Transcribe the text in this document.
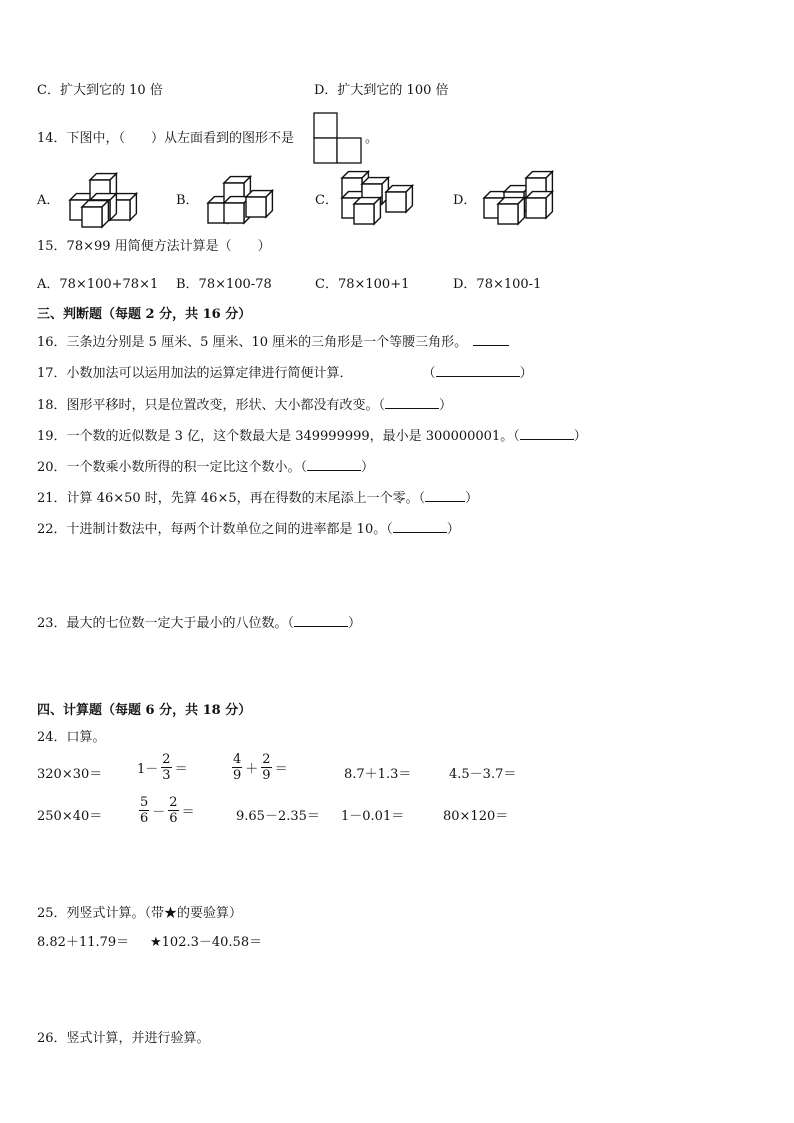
C．扩大到它的 10 倍	D．扩大到它的 100 倍
14．下图中，（　　）从左面看到的图形不是	。
A．	B．	C．	D．
15．78×99 用简便方法计算是（　　）
A．78×100+78×1 B．78×100-78	C．78×100+1	D．78×100-1
三、判断题（每题 2 分，共 16 分）
16．三条边分别是 5 厘米、5 厘米、10 厘米的三角形是一个等腰三角形。
17．小数加法可以运用加法的运算定律进行简便计算．	（	）
18．图形平移时，只是位置改变，形状、大小都没有改变。（	）
19．一个数的近似数是 3 亿，这个数最大是 349999999，最小是 300000001。（	）
20．一个数乘小数所得的积一定比这个数小。（	）
21．计算 46×50 时，先算 46×5，再在得数的末尾添上一个零。（	）
22．十进制计数法中，每两个计数单位之间的进率都是 10。（	）
23．最大的七位数一定大于最小的八位数。（	）
四、计算题（每题 6 分，共 18 分）
24．口算。
320×30＝	$1- \frac{2}{3}$ ＝	$\frac{4}{9} + \frac{2}{9}$ ＝	8.7＋1.3＝	4.5－3.7＝
250×40＝	$\frac{5}{6} - \frac{2}{6}$ ＝	9.65－2.35＝ 1－0.01＝	80×120＝
25．列竖式计算。（带★的要验算）
8.82＋11.79＝ ★102.3－40.58＝
26．竖式计算，并进行验算。
